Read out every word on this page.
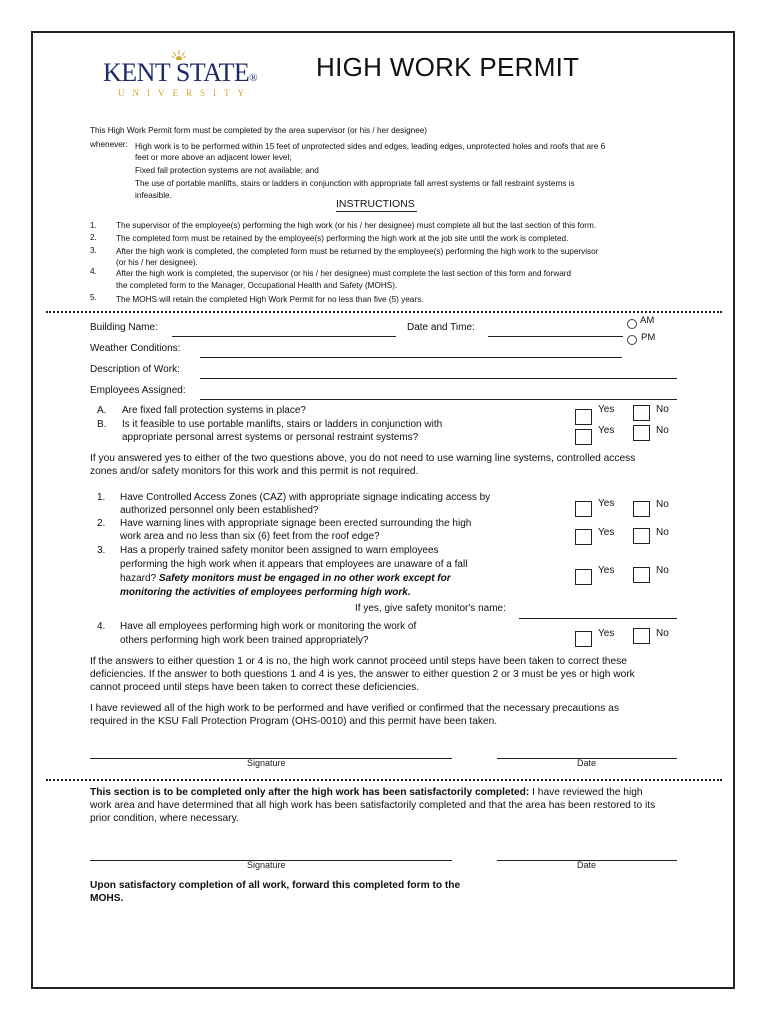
KENT STATE®
UNIVERSITY
HIGH WORK PERMIT
This High Work Permit form must be completed by the area supervisor (or his / her designee)
whenever: High work is to be performed within 15 feet of unprotected sides and edges, leading edges, unprotected holes and roofs that are 6
feet or more above an adjacent lower level;
Fixed fall protection systems are not available; and
The use of portable manlifts, stairs or ladders in conjunction with appropriate fall arrest systems or fall restraint systems is
infeasible.
INSTRUCTIONS
1. The supervisor of the employee(s) performing the high work (or his / her designee) must complete all but the last section of this form.
2. The completed form must be retained by the employee(s) performing the high work at the job site until the work is completed.
3. After the high work is completed, the completed form must be returned by the employee(s) performing the high work to the supervisor
(or his / her designee).
4. After the high work is completed, the supervisor (or his / her designee) must complete the last section of this form and forward
the completed form to the Manager, Occupational Health and Safety (MOHS).
5. The MOHS will retain the completed High Work Permit for no less than five (5) years.
Building Name:	Date and Time:
AM
PM
Weather Conditions:
Description of Work:
Employees Assigned:
A. Are fixed fall protection systems in place?
B. Is it feasible to use portable manlifts, stairs or ladders in conjunction with
appropriate personal arrest systems or personal restraint systems?
Yes	No
Yes	No
If you answered yes to either of the two questions above, you do not need to use warning line systems, controlled access
zones and/or safety monitors for this work and this permit is not required.
1. Have Controlled Access Zones (CAZ) with appropriate signage indicating access by
authorized personnel only been established?
Yes	No
2. Have warning lines with appropriate signage been erected surrounding the high
work area and no less than six (6) feet from the roof edge?	Yes	No
3. Has a properly trained safety monitor been assigned to warn employees
performing the high work when it appears that employees are unaware of a fall
hazard? Safety monitors must be engaged in no other work except for
monitoring the activities of employees performing high work.
Yes	No
If yes, give safety monitor's name:
4. Have all employees performing high work or monitoring the work of
others performing high work been trained appropriately?
Yes	No
If the answers to either question 1 or 4 is no, the high work cannot proceed until steps have been taken to correct these
deficiencies. If the answer to both questions 1 and 4 is yes, the answer to either question 2 or 3 must be yes or high work
cannot proceed until steps have been taken to correct these deficiencies.
I have reviewed all of the high work to be performed and have verified or confirmed that the necessary precautions as
required in the KSU Fall Protection Program (OHS-0010) and this permit have been taken.
Signature	Date
This section is to be completed only after the high work has been satisfactorily completed: I have reviewed the high
work area and have determined that all high work has been satisfactorily completed and that the area has been restored to its
prior condition, where necessary.
Signature	Date
Upon satisfactory completion of all work, forward this completed form to the
MOHS.
